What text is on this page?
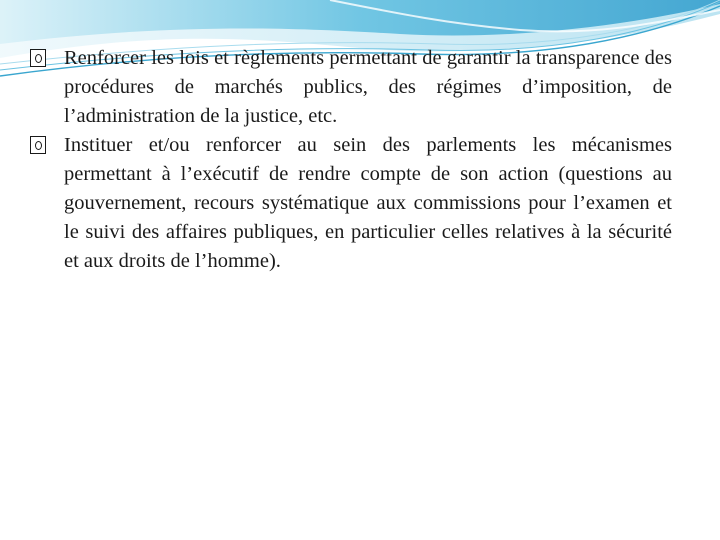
Renforcer les lois et règlements permettant de garantir la transparence des procédures de marchés publics, des régimes d’imposition, de l’administration de la justice, etc.

Instituer et/ou renforcer au sein des parlements les mécanismes permettant à l’exécutif de rendre compte de son action (questions au gouvernement, recours systématique aux commissions pour l’examen et le suivi des affaires publiques, en particulier celles relatives à la sécurité et aux droits de l’homme).
